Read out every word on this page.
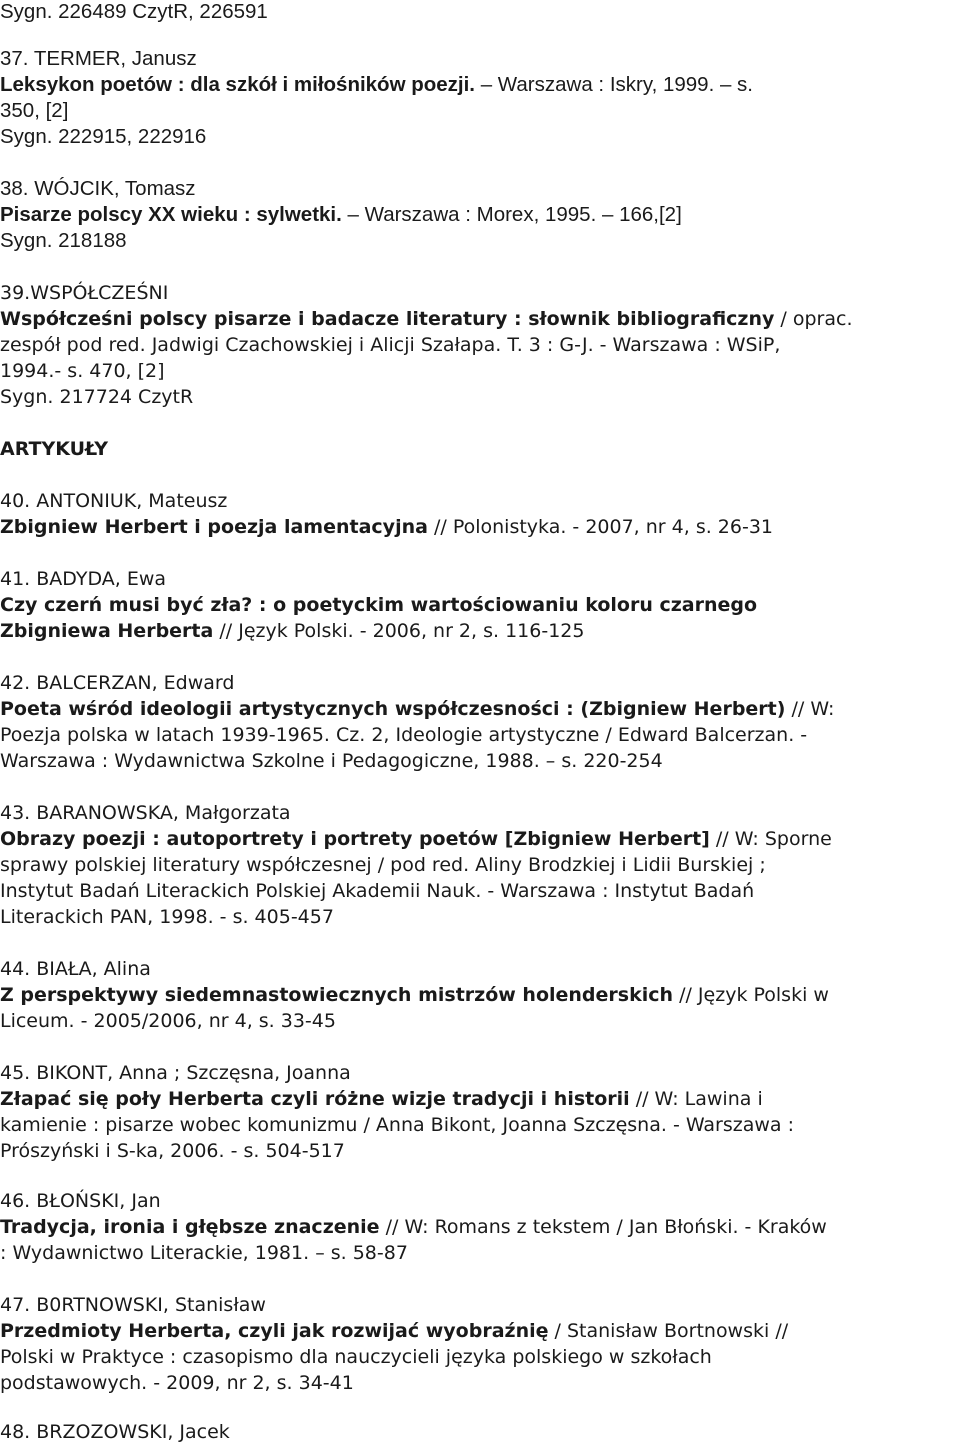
Sygn. 226489 CzytR, 226591
37. TERMER, Janusz
Leksykon poetów : dla szkół i miłośników poezji. – Warszawa : Iskry, 1999. – s.
350, [2]
Sygn. 222915, 222916
38. WÓJCIK, Tomasz
Pisarze polscy XX wieku : sylwetki. – Warszawa : Morex, 1995. – 166,[2]
Sygn. 218188
39.WSPÓŁCZEŚNI
Współcześni polscy pisarze i badacze literatury : słownik bibliograficzny / oprac.
zespół pod red. Jadwigi Czachowskiej i Alicji Szałapa. T. 3 : G-J. - Warszawa : WSiP,
1994.- s. 470, [2]
Sygn. 217724 CzytR
ARTYKUŁY
40. ANTONIUK, Mateusz
Zbigniew Herbert i poezja lamentacyjna // Polonistyka. - 2007, nr 4, s. 26-31
41. BADYDA, Ewa
Czy czerń musi być zła? : o poetyckim wartościowaniu koloru czarnego
Zbigniewa Herberta // Język Polski. - 2006, nr 2, s. 116-125
42. BALCERZAN, Edward
Poeta wśród ideologii artystycznych współczesności : (Zbigniew Herbert) // W:
Poezja polska w latach 1939-1965. Cz. 2, Ideologie artystyczne / Edward Balcerzan. -
Warszawa : Wydawnictwa Szkolne i Pedagogiczne, 1988. – s. 220-254
43. BARANOWSKA, Małgorzata
Obrazy poezji : autoportrety i portrety poetów [Zbigniew Herbert] // W: Sporne
sprawy polskiej literatury współczesnej / pod red. Aliny Brodzkiej i Lidii Burskiej ;
Instytut Badań Literackich Polskiej Akademii Nauk. - Warszawa : Instytut Badań
Literackich PAN, 1998. - s. 405-457
44. BIAŁA, Alina
Z perspektywy siedemnastowiecznych mistrzów holenderskich // Język Polski w
Liceum. - 2005/2006, nr 4, s. 33-45
45. BIKONT, Anna ; Szczęsna, Joanna
Złapać się poły Herberta czyli różne wizje tradycji i historii // W: Lawina i
kamienie : pisarze wobec komunizmu / Anna Bikont, Joanna Szczęsna. - Warszawa :
Prószyński i S-ka, 2006. - s. 504-517
46. BŁOŃSKI, Jan
Tradycja, ironia i głębsze znaczenie // W: Romans z tekstem / Jan Błoński. - Kraków
: Wydawnictwo Literackie, 1981. – s. 58-87
47. B0RTNOWSKI, Stanisław
Przedmioty Herberta, czyli jak rozwijać wyobraźnię / Stanisław Bortnowski //
Polski w Praktyce : czasopismo dla nauczycieli języka polskiego w szkołach
podstawowych. - 2009, nr 2, s. 34-41
48. BRZOZOWSKI, Jacek
